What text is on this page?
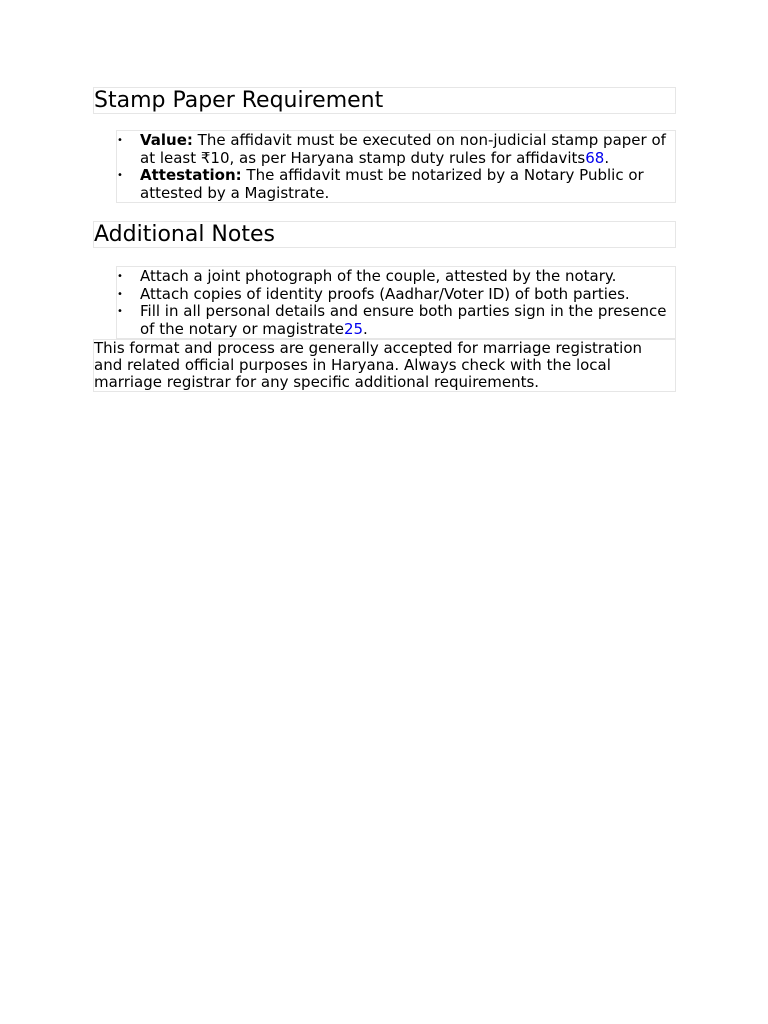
Stamp Paper Requirement
• Value: The affidavit must be executed on non-judicial stamp paper of at least ₹10, as per Haryana stamp duty rules for affidavits68.
• Attestation: The affidavit must be notarized by a Notary Public or attested by a Magistrate.
Additional Notes
• Attach a joint photograph of the couple, attested by the notary.
• Attach copies of identity proofs (Aadhar/Voter ID) of both parties.
• Fill in all personal details and ensure both parties sign in the presence of the notary or magistrate25.

This format and process are generally accepted for marriage registration and related official purposes in Haryana. Always check with the local marriage registrar for any specific additional requirements.
